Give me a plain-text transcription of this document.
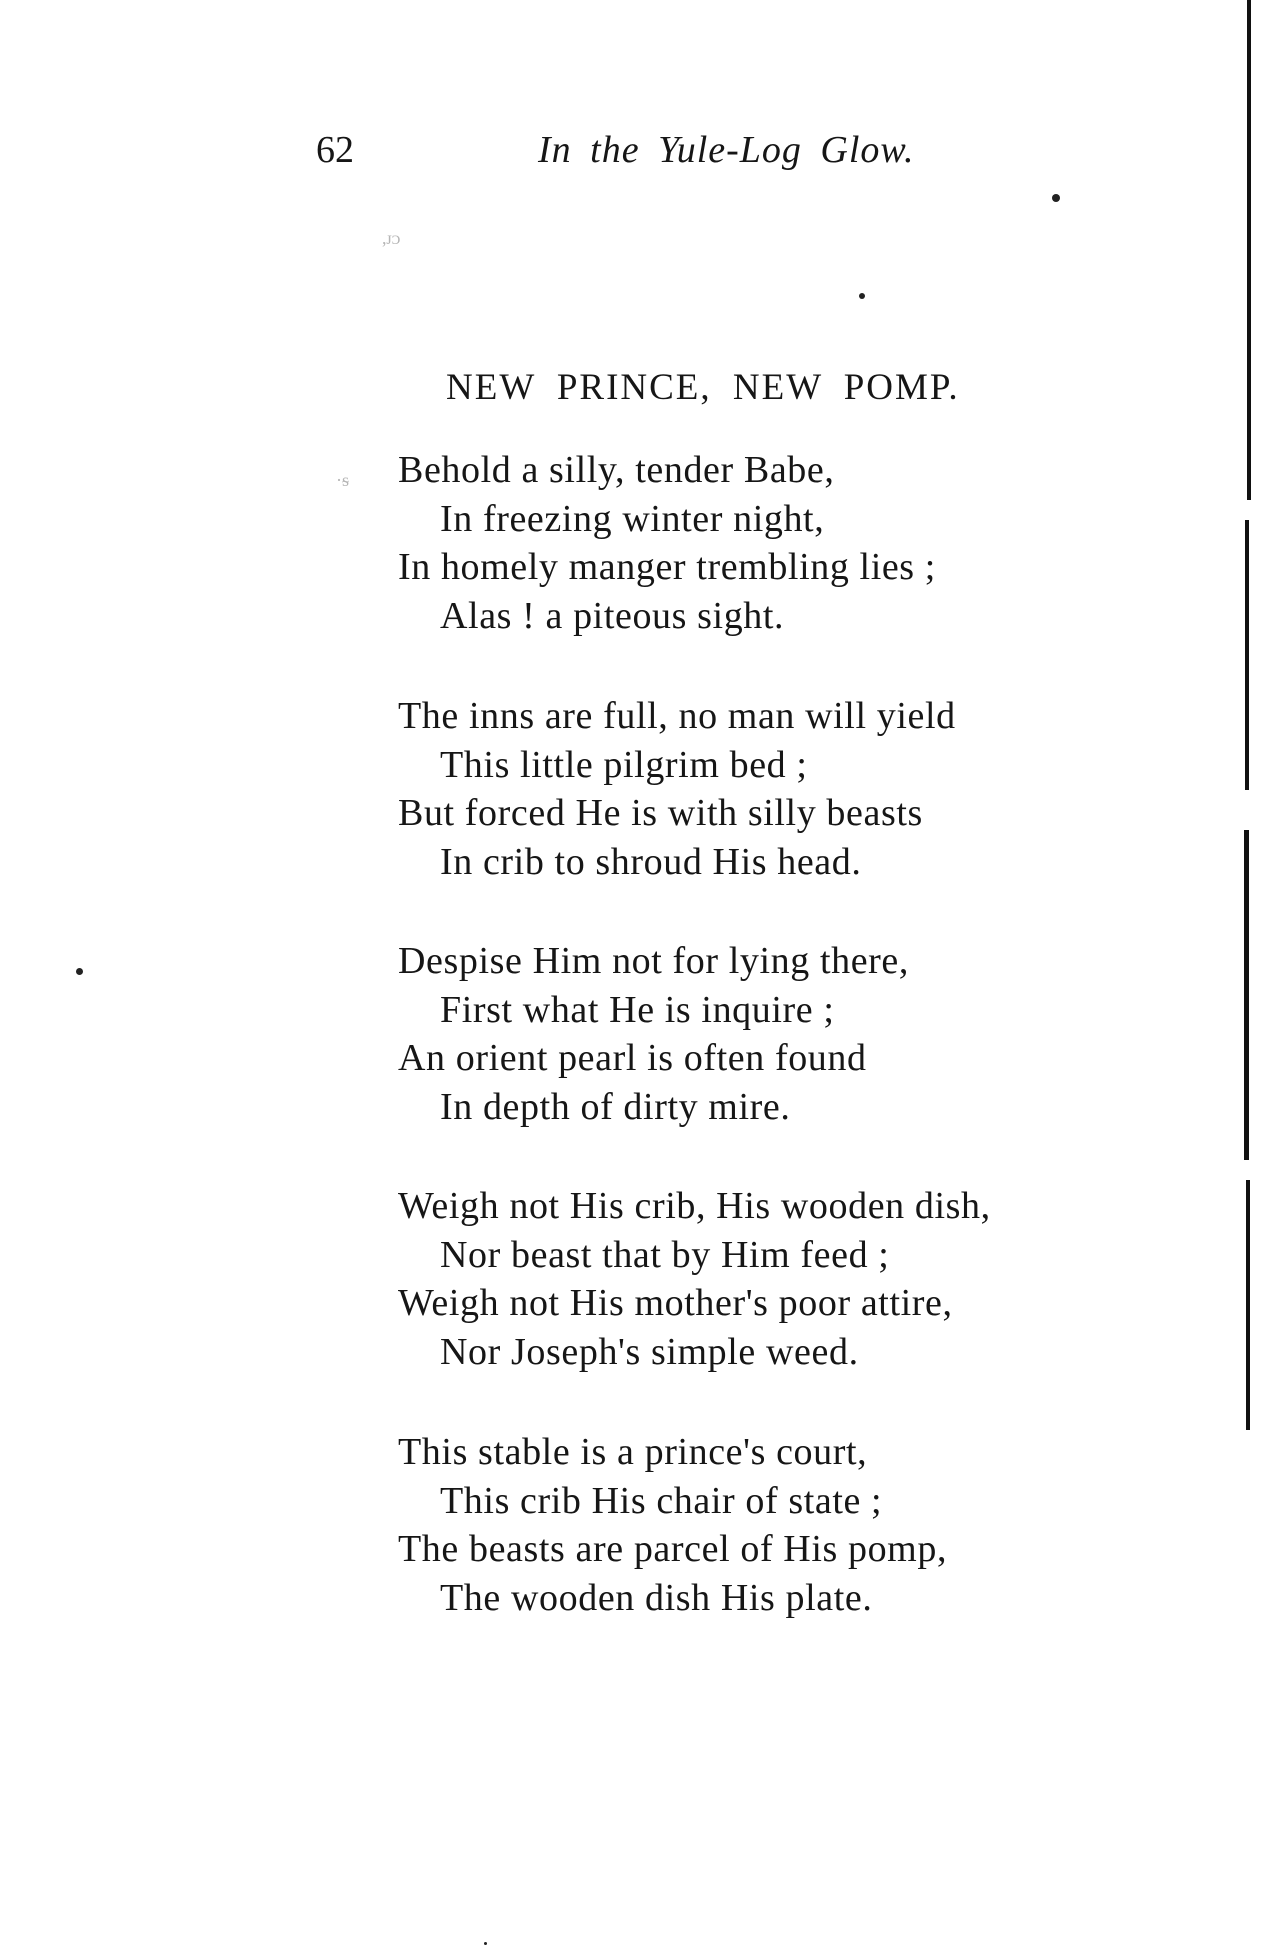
62	In the Yule-Log Glow.
NEW PRINCE, NEW POMP.
Behold a silly, tender Babe,
In freezing winter night,
In homely manger trembling lies ;
Alas ! a piteous sight.
The inns are full, no man will yield
This little pilgrim bed ;
But forced He is with silly beasts
In crib to shroud His head.
Despise Him not for lying there,
First what He is inquire ;
An orient pearl is often found
In depth of dirty mire.
Weigh not His crib, His wooden dish,
Nor beast that by Him feed ;
Weigh not His mother's poor attire,
Nor Joseph's simple weed.
This stable is a prince's court,
This crib His chair of state ;
The beasts are parcel of His pomp,
The wooden dish His plate.
,ᴊᴐ
·ᵴ
